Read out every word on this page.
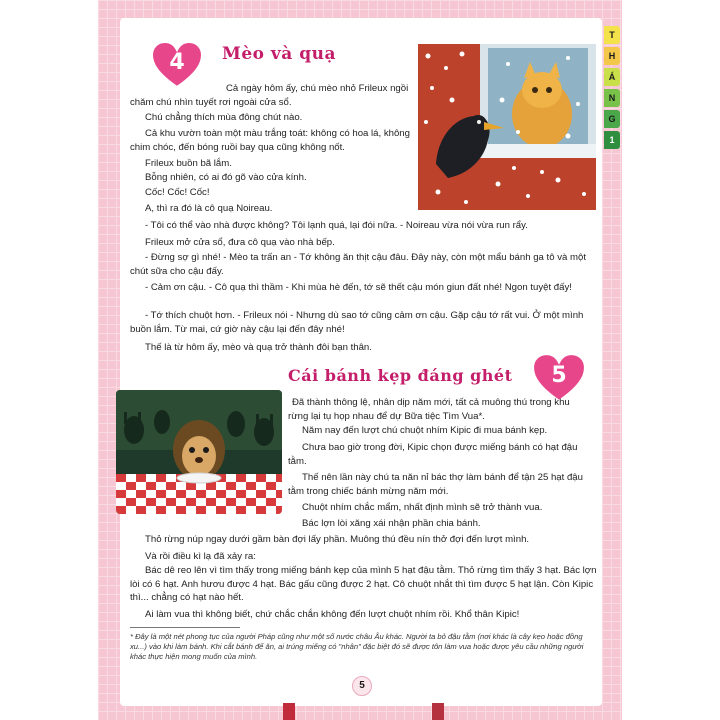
T
H
Á
N
G
1
4	Mèo và quạ
Cả ngày hôm ấy, chú mèo nhỏ Frileux ngồi chăm chú nhìn tuyết rơi ngoài cửa sổ.
Chú chẳng thích mùa đông chút nào.
Cả khu vườn toàn một màu trắng toát: không có hoa lá, không chim chóc, đến bóng ruồi bay qua cũng không nốt.
Frileux buồn bã lắm.
Bỗng nhiên, có ai đó gõ vào cửa kính.
Cốc! Cốc! Cốc!
A, thì ra đó là cô quạ Noireau.
- Tôi có thể vào nhà được không? Tôi lạnh quá, lại đói nữa. - Noireau vừa nói vừa run rẩy.
Frileux mở cửa sổ, đưa cô quạ vào nhà bếp.
- Đừng sợ gì nhé! - Mèo ta trấn an - Tớ không ăn thịt cậu đâu. Đây này, còn một mẩu bánh ga tô và một chút sữa cho cậu đấy.
- Cảm ơn cậu. - Cô quạ thì thầm - Khi mùa hè đến, tớ sẽ thết cậu món giun đất nhé! Ngon tuyệt đấy!
- Tớ thích chuột hơn. - Frileux nói - Nhưng dù sao tớ cũng cảm ơn cậu. Gặp cậu tớ rất vui. Ở một mình buồn lắm. Từ mai, cứ giờ này cậu lại đến đây nhé!
Thế là từ hôm ấy, mèo và quạ trở thành đôi bạn thân.
Cái bánh kẹp đáng ghét	5
Đã thành thông lệ, nhân dịp năm mới, tất cả muông thú trong khu rừng lại tụ họp nhau để dự Bữa tiệc Tìm Vua*.
Năm nay đến lượt chú chuột nhím Kipic đi mua bánh kẹp.
Chưa bao giờ trong đời, Kipic chọn được miếng bánh có hạt đậu tằm.
Thế nên lần này chú ta năn nỉ bác thợ làm bánh để tận 25 hạt đậu tằm trong chiếc bánh mừng năm mới.
Chuột nhím chắc mẩm, nhất định mình sẽ trở thành vua.
Bác lợn lòi xăng xái nhận phần chia bánh.
Thỏ rừng núp ngay dưới gầm bàn đợi lấy phần. Muông thú đều nín thở đợi đến lượt mình.
Và rồi điều kì lạ đã xảy ra:
Bác dê reo lên vì tìm thấy trong miếng bánh kẹp của mình 5 hạt đậu tằm. Thỏ rừng tìm thấy 3 hạt. Bác lợn lòi có 6 hạt. Anh hươu được 4 hạt. Bác gấu cũng được 2 hạt. Cô chuột nhắt thì tìm được 5 hạt lận. Còn Kipic thì... chẳng có hạt nào hết.
Ai làm vua thì không biết, chứ chắc chắn không đến lượt chuột nhím rồi. Khổ thân Kipic!
* Đây là một nét phong tục của người Pháp cũng như một số nước châu Âu khác. Người ta bỏ đậu tằm (nơi khác là cây kẹo hoặc đồng xu...) vào khi làm bánh. Khi cắt bánh để ăn, ai trúng miếng có "nhân" đặc biệt đó sẽ được tôn làm vua hoặc được yêu cầu những người khác thực hiện mong muốn của mình.
5
